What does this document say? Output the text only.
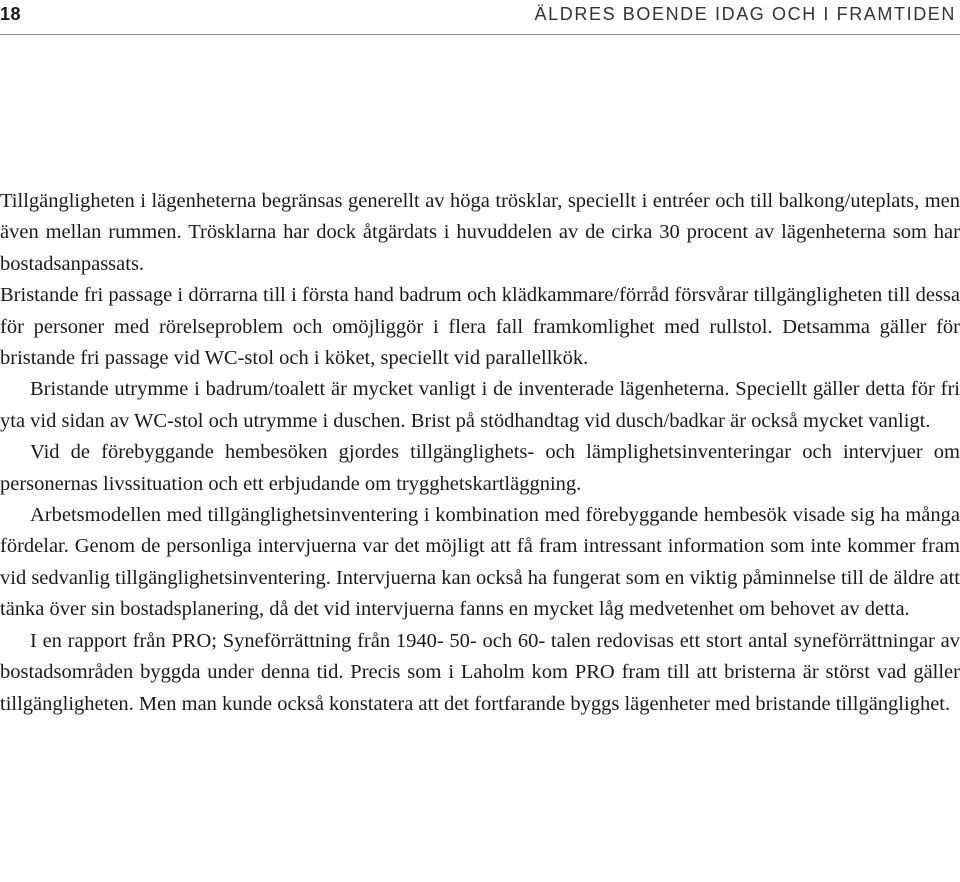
18	ÄLDRES BOENDE IDAG OCH I FRAMTIDEN

Tillgängligheten i lägenheterna begränsas generellt av höga trösklar, speciellt i entréer och till balkong/uteplats, men även mellan rummen. Trösklarna har dock åtgärdats i huvuddelen av de cirka 30 procent av lägenheterna som har bostadsanpassats.

Bristande fri passage i dörrarna till i första hand badrum och klädkammare/förråd försvårar tillgängligheten till dessa för personer med rörelseproblem och omöjliggör i flera fall framkomlighet med rullstol. Detsamma gäller för bristande fri passage vid WC-stol och i köket, speciellt vid parallellkök.

Bristande utrymme i badrum/toalett är mycket vanligt i de inventerade lägenheterna. Speciellt gäller detta för fri yta vid sidan av WC-stol och utrymme i duschen. Brist på stödhandtag vid dusch/badkar är också mycket vanligt.

Vid de förebyggande hembesöken gjordes tillgänglighets- och lämplighetsinventeringar och intervjuer om personernas livssituation och ett erbjudande om trygghetskartläggning.

Arbetsmodellen med tillgänglighetsinventering i kombination med förebyggande hembesök visade sig ha många fördelar. Genom de personliga intervjuerna var det möjligt att få fram intressant information som inte kommer fram vid sedvanlig tillgänglighetsinventering. Intervjuerna kan också ha fungerat som en viktig påminnelse till de äldre att tänka över sin bostadsplanering, då det vid intervjuerna fanns en mycket låg medvetenhet om behovet av detta.

I en rapport från PRO; Syneförrättning från 1940- 50- och 60- talen redovisas ett stort antal syneförrättningar av bostadsområden byggda under denna tid. Precis som i Laholm kom PRO fram till att bristerna är störst vad gäller tillgängligheten. Men man kunde också konstatera att det fortfarande byggs lägenheter med bristande tillgänglighet.
